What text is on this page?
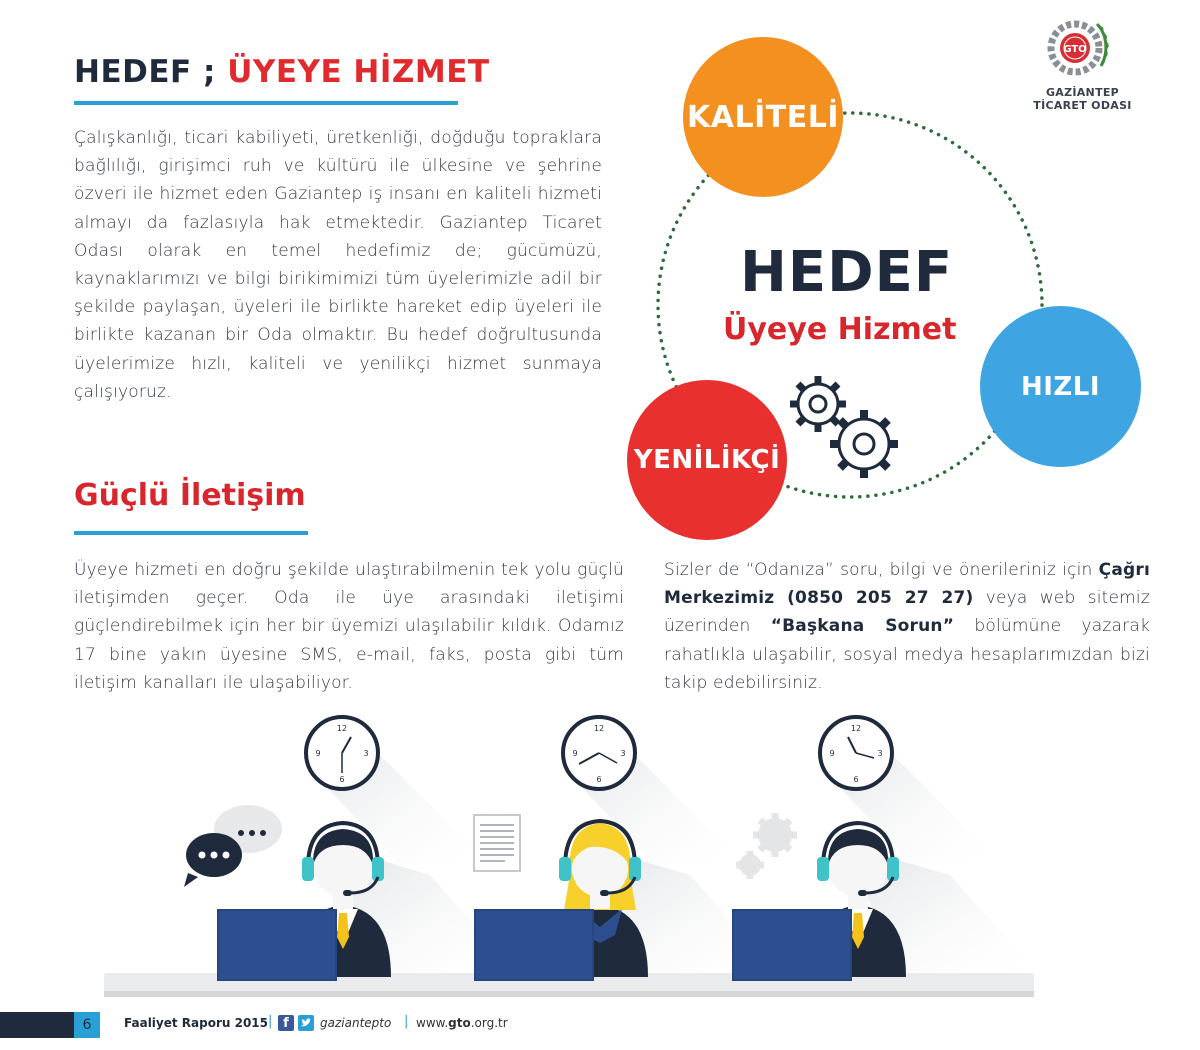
HEDEF ; ÜYEYE HİZMET
Çalışkanlığı, ticari kabiliyeti, üretkenliği, doğduğu topraklara bağlılığı, girişimci ruh ve kültürü ile ülkesine ve şehrine özveri ile hizmet eden Gaziantep iş insanı en kaliteli hizmeti almayı da fazlasıyla hak etmektedir. Gaziantep Ticaret Odası olarak en temel hedefimiz de; gücümüzü, kaynaklarımızı ve bilgi birikimimizi tüm üyelerimizle adil bir şekilde paylaşan, üyeleri ile birlikte hareket edip üyeleri ile birlikte kazanan bir Oda olmaktır. Bu hedef doğrultusunda üyelerimize hızlı, kaliteli ve yenilikçi hizmet sunmaya çalışıyoruz.
GTO
GAZİANTEP
TİCARET ODASI
KALİTELİ
HIZLI
YENİLİKÇİ
HEDEF
Üyeye Hizmet
Güçlü İletişim
Üyeye hizmeti en doğru şekilde ulaştırabilmenin tek yolu güçlü iletişimden geçer. Oda ile üye arasındaki iletişimi güçlendirebilmek için her bir üyemizi ulaşılabilir kıldık. Odamız 17 bine yakın üyesine SMS, e-mail, faks, posta gibi tüm iletişim kanalları ile ulaşabiliyor.
Sizler de “Odanıza” soru, bilgi ve önerileriniz için Çağrı Merkezimiz (0850 205 27 27) veya web sitemiz üzerinden “Başkana Sorun” bölümüne yazarak rahatlıkla ulaşabilir, sosyal medya hesaplarımızdan bizi takip edebilirsiniz.
12
3
6
9
12
3
6
9
12
3
6
9
6	Faaliyet Raporu 2015 | f	gaziantepto | www.gto.org.tr
